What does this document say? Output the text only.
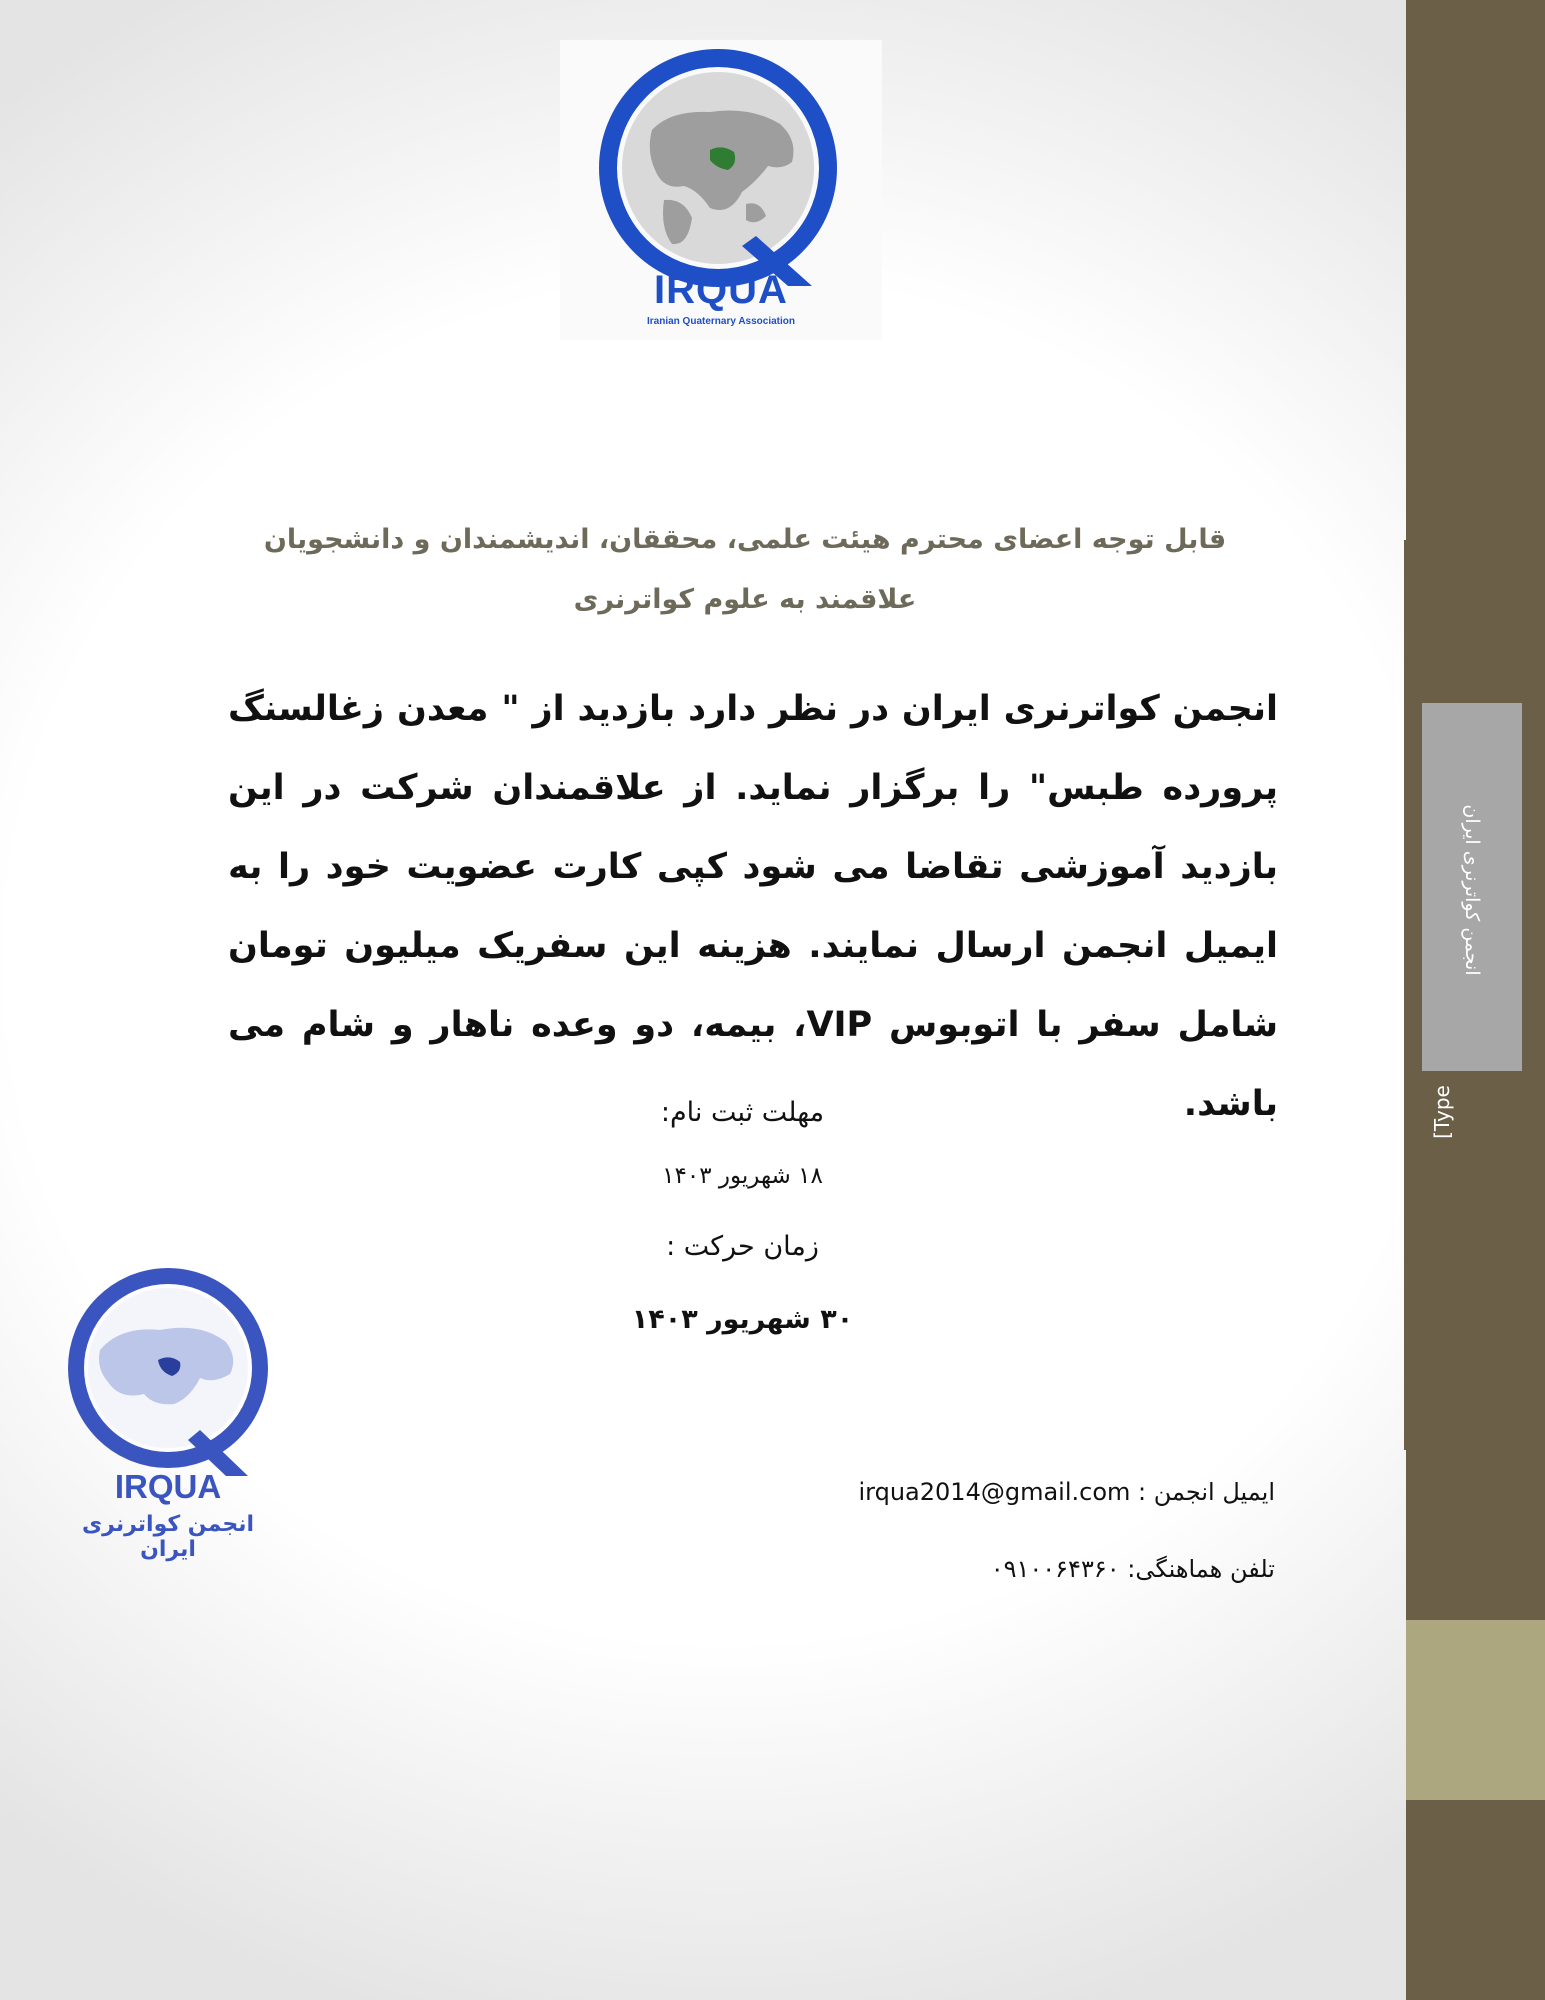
انجمن کواترنری ایران
[Type
IRQUA
Iranian Quaternary Association
قابل توجه اعضای محترم هیئت علمی، محققان، اندیشمندان و دانشجویان علاقمند به علوم کواترنری
انجمن کواترنری ایران در نظر دارد بازدید از " معدن زغالسنگ پرورده طبس" را برگزار نماید. از علاقمندان شرکت در این بازدید آموزشی تقاضا می شود کپی کارت عضویت خود را به ایمیل انجمن ارسال نمایند. هزینه این سفریک میلیون تومان شامل سفر با اتوبوس VIP، بیمه، دو وعده ناهار و شام می باشد.
مهلت ثبت نام:
۱۸ شهریور ۱۴۰۳
زمان حرکت :
۳۰ شهریور ۱۴۰۳
IRQUA
انجمن کواترنری ایران
ایمیل انجمن : irqua2014@gmail.com
تلفن هماهنگی: ۰۹۱۰۰۶۴۳۶۰
